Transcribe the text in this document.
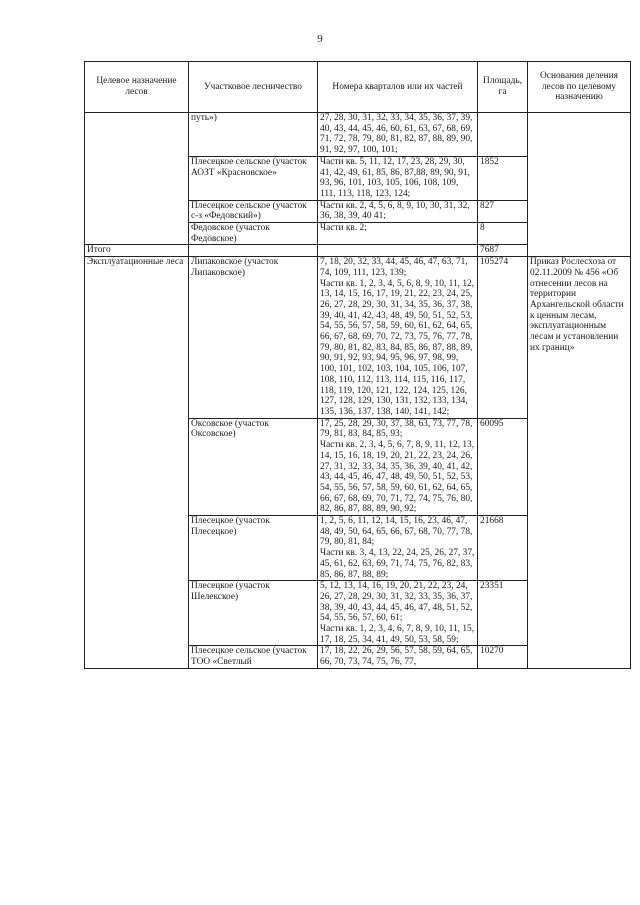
9
Целевое назначение лесов	Участковое лесничество	Номера кварталов или их частей	Площадь, га	Основания деления лесов по целевому назначению
	путь»)	27, 28, 30, 31, 32, 33, 34, 35, 36, 37, 39, 40, 43, 44, 45, 46, 60, 61, 63, 67, 68, 69, 71, 72, 78, 79, 80, 81, 82, 87, 88, 89, 90, 91, 92, 97, 100, 101;		
	Плесецкое сельское (участок АОЗТ «Красновское»	Части кв. 5, 11, 12, 17, 23, 28, 29, 30, 41, 42, 49, 61, 85, 86, 87,88, 89, 90, 91, 93, 96, 101, 103, 105, 106, 108, 109, 111, 113, 118, 123, 124;	1852	
	Плесецкое сельское (участок с-з «Федовский»)	Части кв. 2, 4, 5, 6, 8, 9, 10, 30, 31, 32, 36, 38, 39, 40 41;	827	
	Федовское (участок Федовское)	Части кв. 2;	8	
Итого			7687	
Эксплуатационные леса	Липаковское (участок Липаковское)	7, 18, 20, 32, 33, 44, 45, 46, 47, 63, 71, 74, 109, 111, 123, 139;
Части кв. 1, 2, 3, 4, 5, 6, 8, 9, 10, 11, 12, 13, 14, 15, 16, 17, 19, 21, 22, 23, 24, 25, 26, 27, 28, 29, 30, 31, 34, 35, 36, 37, 38, 39, 40, 41, 42, 43, 48, 49, 50, 51, 52, 53, 54, 55, 56, 57, 58, 59, 60, 61, 62, 64, 65, 66, 67, 68, 69, 70, 72, 73, 75, 76, 77, 78, 79, 80, 81, 82, 83, 84, 85, 86, 87, 88, 89, 90, 91, 92, 93, 94, 95, 96, 97, 98, 99, 100, 101, 102, 103, 104, 105, 106, 107, 108, 110, 112, 113, 114, 115, 116, 117, 118, 119, 120, 121, 122, 124, 125, 126, 127, 128, 129, 130, 131, 132, 133, 134, 135, 136, 137, 138, 140, 141, 142;	105274	Приказ Рослесхоза от 02.11.2009 № 456 «Об отнесении лесов на территории Архангельской области к ценным лесам, эксплуатационным лесам и установлении их границ»
	Оксовское (участок Оксовское)	17, 25, 28, 29, 30, 37, 38, 63, 73, 77, 78, 79, 81, 83, 84, 85, 93;
Части кв. 2, 3, 4, 5, 6, 7, 8, 9, 11, 12, 13, 14, 15, 16, 18, 19, 20, 21, 22, 23, 24, 26, 27, 31, 32, 33, 34, 35, 36, 39, 40, 41, 42, 43, 44, 45, 46, 47, 48, 49, 50, 51, 52, 53, 54, 55, 56, 57, 58, 59, 60, 61, 62, 64, 65, 66, 67, 68, 69, 70, 71, 72, 74, 75, 76, 80, 82, 86, 87, 88, 89, 90, 92;	60095	
	Плесецкое (участок Плесецкое)	1, 2, 5, 6, 11, 12, 14, 15, 16, 23, 46, 47, 48, 49, 50, 64, 65, 66, 67, 68, 70, 77, 78, 79, 80, 81, 84;
Части кв. 3, 4, 13, 22, 24, 25, 26, 27, 37, 45, 61, 62, 63, 69, 71, 74, 75, 76, 82, 83, 85, 86, 87, 88, 89;	21668	
	Плесецкое (участок Шелекское)	5, 12, 13, 14, 16, 19, 20, 21, 22, 23, 24, 26, 27, 28, 29, 30, 31, 32, 33, 35, 36, 37, 38, 39, 40, 43, 44, 45, 46, 47, 48, 51, 52, 54, 55, 56, 57, 60, 61;
Части кв. 1, 2, 3, 4, 6, 7, 8, 9, 10, 11, 15, 17, 18, 25, 34, 41, 49, 50, 53, 58, 59;	23351	
	Плесецкое сельское (участок ТОО «Светлый	17, 18, 22, 26, 29, 56, 57, 58, 59, 64, 65, 66, 70, 73, 74, 75, 76, 77,	10270	
